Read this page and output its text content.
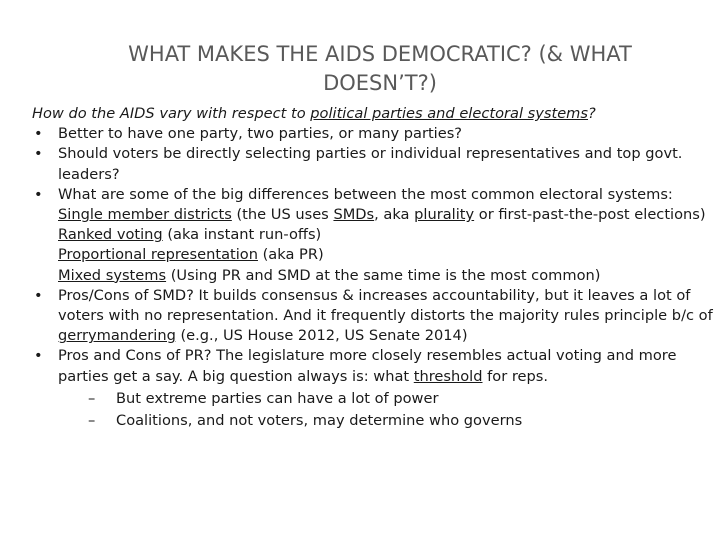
WHAT MAKES THE AIDS DEMOCRATIC? (& WHAT
DOESN’T?)
How do the AIDS vary with respect to political parties and electoral systems?
• Better to have one party, two parties, or many parties?
• Should voters be directly selecting parties or individual representatives and top govt. leaders?
• What are some of the big differences between the most common electoral systems:
Single member districts (the US uses SMDs, aka plurality or first-past-the-post elections)
Ranked voting (aka instant run-offs)
Proportional representation (aka PR)
Mixed systems (Using PR and SMD at the same time is the most common)
• Pros/Cons of SMD? It builds consensus & increases accountability, but it leaves a lot of voters with no representation. And it frequently distorts the majority rules principle b/c of gerrymandering (e.g., US House 2012, US Senate 2014)
• Pros and Cons of PR? The legislature more closely resembles actual voting and more parties get a say. A big question always is: what threshold for reps.
– But extreme parties can have a lot of power
– Coalitions, and not voters, may determine who governs
